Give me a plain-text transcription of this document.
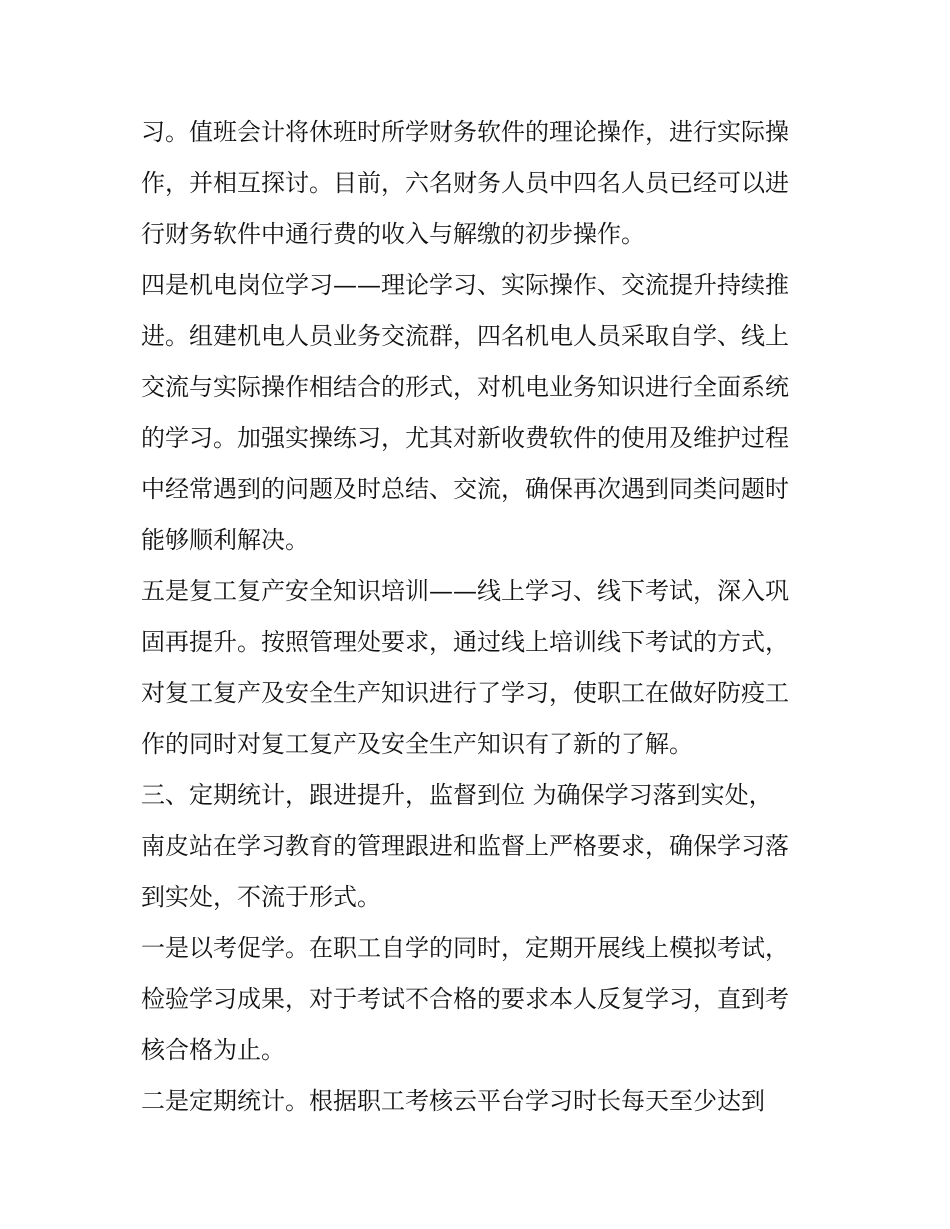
习。值班会计将休班时所学财务软件的理论操作，进行实际操
作，并相互探讨。目前，六名财务人员中四名人员已经可以进
行财务软件中通行费的收入与解缴的初步操作。
四是机电岗位学习——理论学习、实际操作、交流提升持续推
进。组建机电人员业务交流群，四名机电人员采取自学、线上
交流与实际操作相结合的形式，对机电业务知识进行全面系统
的学习。加强实操练习，尤其对新收费软件的使用及维护过程
中经常遇到的问题及时总结、交流，确保再次遇到同类问题时
能够顺利解决。
五是复工复产安全知识培训——线上学习、线下考试，深入巩
固再提升。按照管理处要求，通过线上培训线下考试的方式，
对复工复产及安全生产知识进行了学习，使职工在做好防疫工
作的同时对复工复产及安全生产知识有了新的了解。
三、定期统计，跟进提升，监督到位 为确保学习落到实处，
南皮站在学习教育的管理跟进和监督上严格要求，确保学习落
到实处，不流于形式。
一是以考促学。在职工自学的同时，定期开展线上模拟考试，
检验学习成果，对于考试不合格的要求本人反复学习，直到考
核合格为止。
二是定期统计。根据职工考核云平台学习时长每天至少达到
